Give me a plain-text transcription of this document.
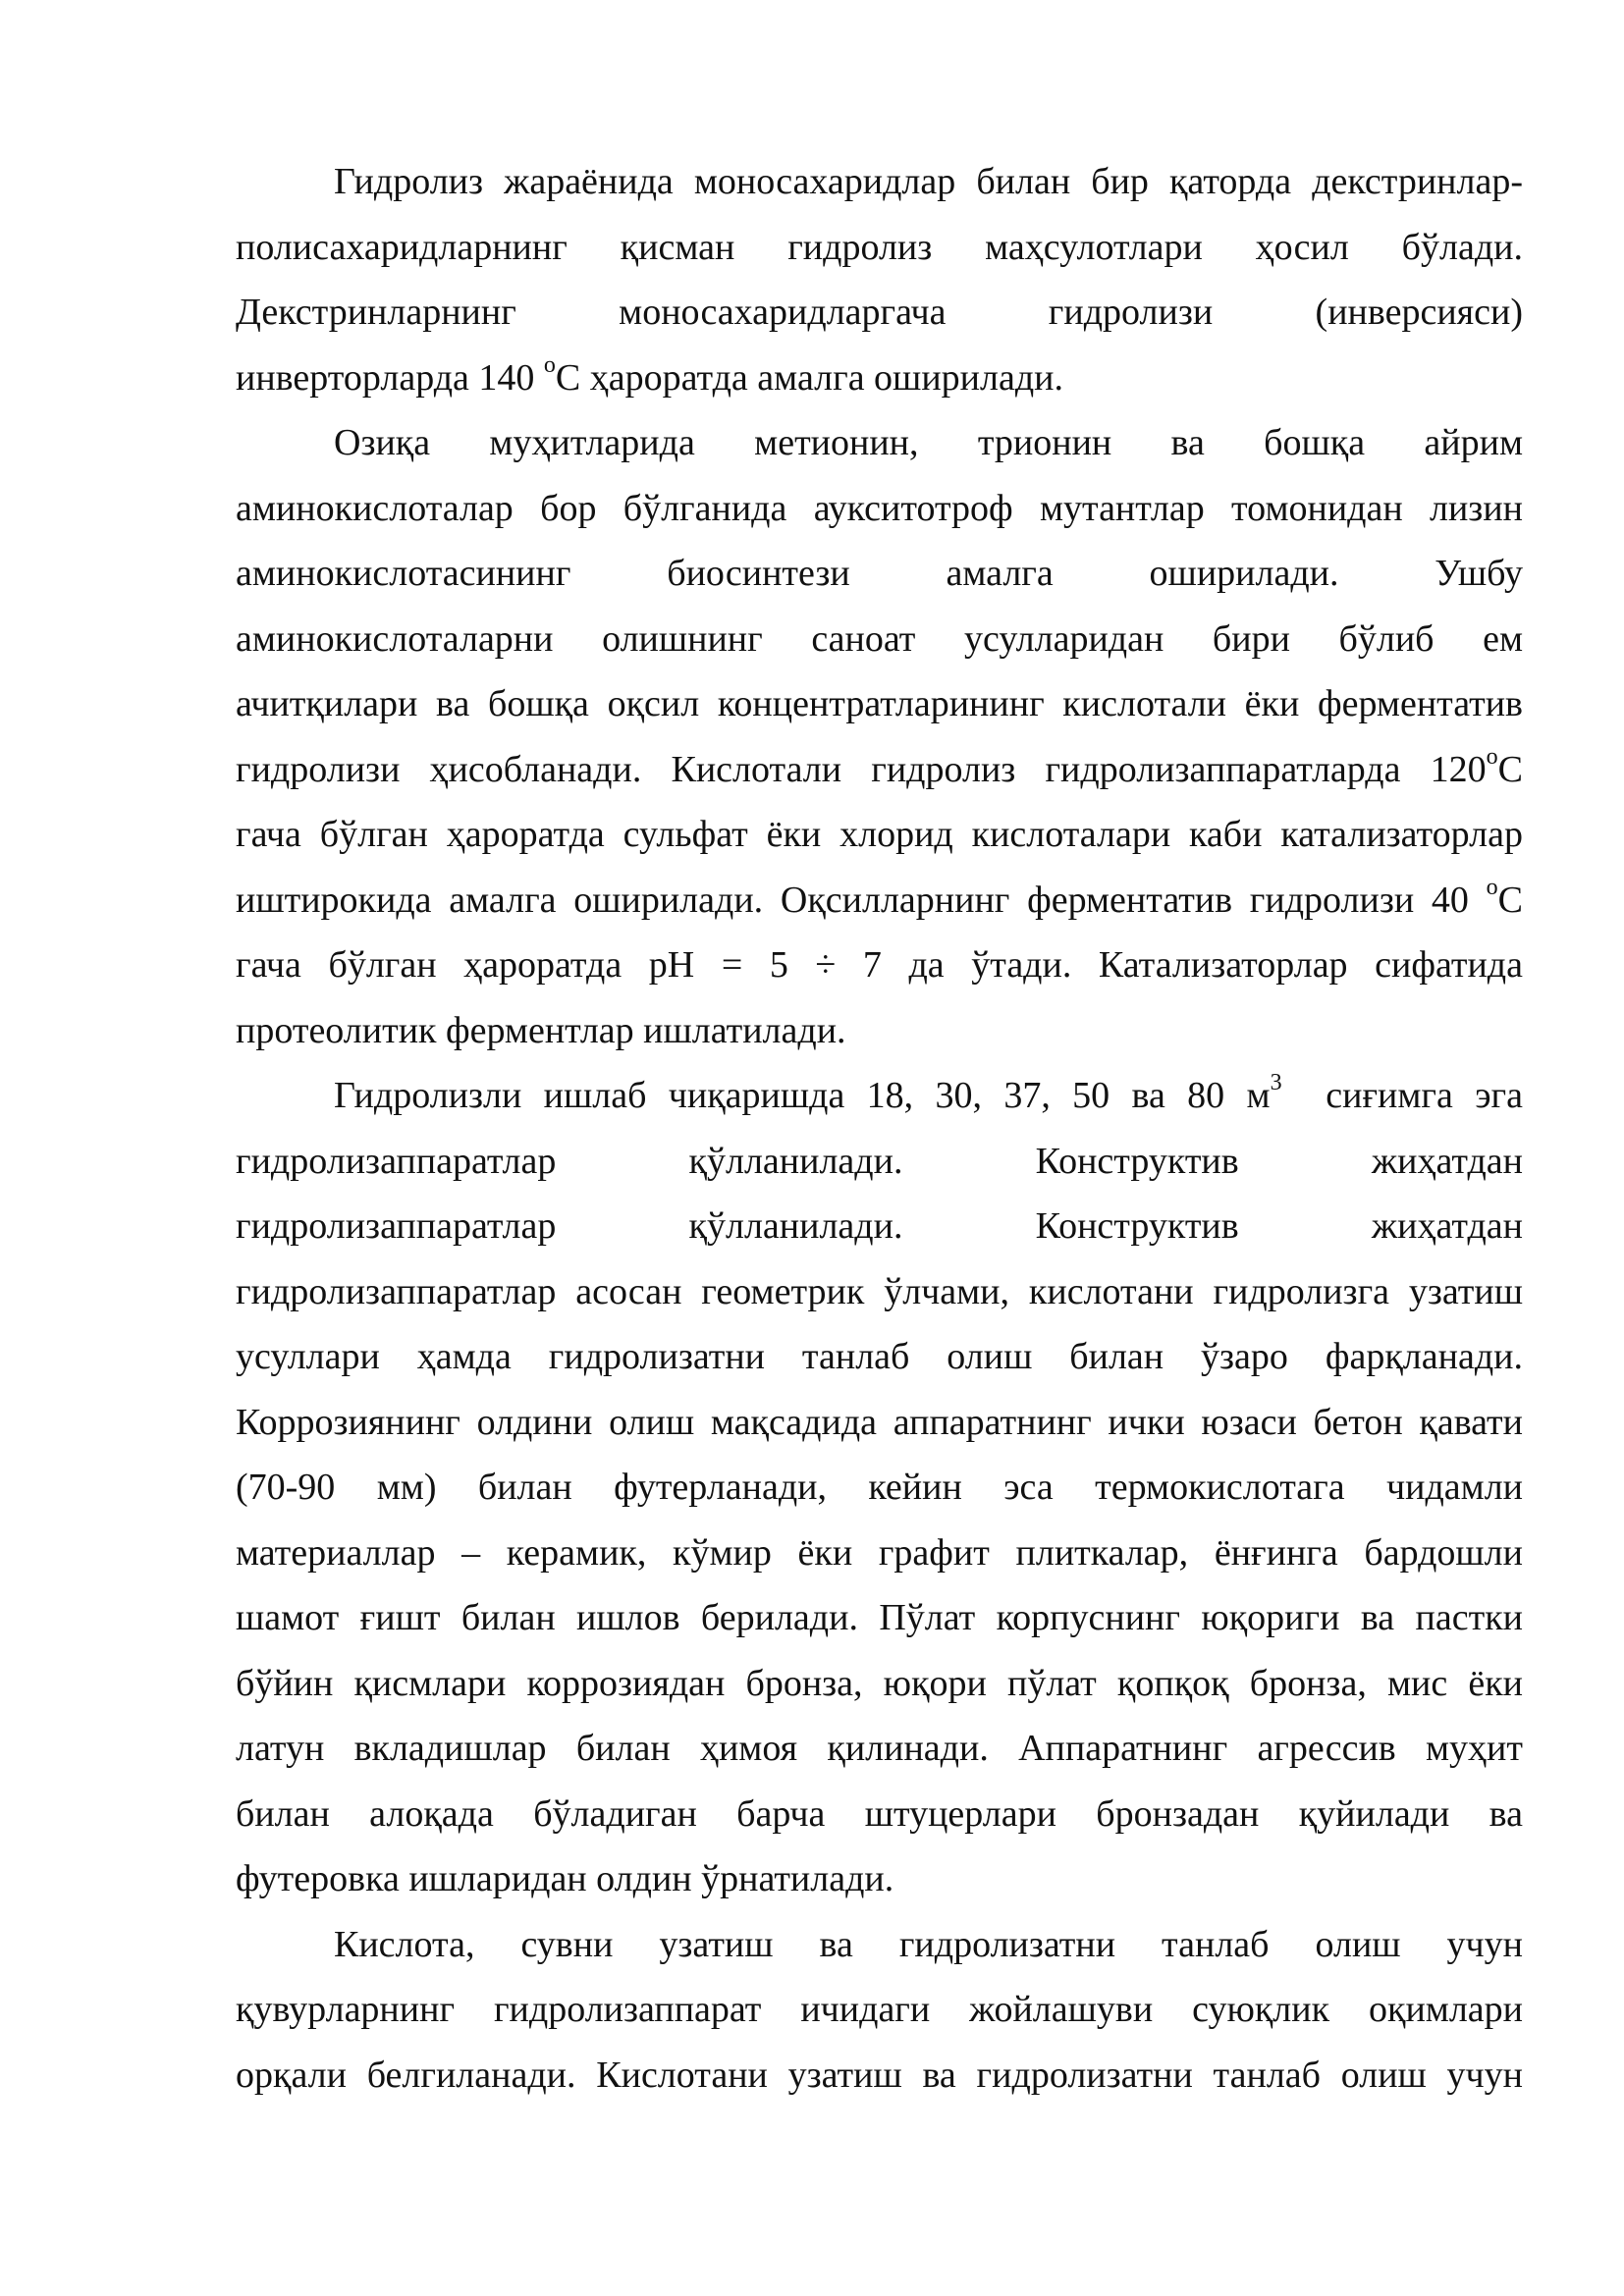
Гидролиз жараёнида моносахаридлар билан бир қаторда декстринлар-
полисахаридларнинг қисман гидролиз маҳсулотлари ҳосил бўлади.
Декстринларнинг моносахаридларгача гидролизи (инверсияси)
инверторларда 140 $^о$С ҳароратда амалга оширилади.
Озиқа муҳитларида метионин, трионин ва бошқа айрим
аминокислоталар бор бўлганида аукситотроф мутантлар томонидан лизин
аминокислотасининг биосинтези амалга оширилади. Ушбу
аминокислоталарни олишнинг саноат усулларидан бири бўлиб ем
ачитқилари ва бошқа оқсил концентратларининг кислотали ёки ферментатив
гидролизи ҳисобланади. Кислотали гидролиз гидролизаппаратларда $120^оС$
гача бўлган ҳароратда сульфат ёки хлорид кислоталари каби катализаторлар
иштирокида амалга оширилади. Оқсилларнинг ферментатив гидролизи 40 $^о$С
гача бўлган ҳароратда рН = 5 ÷ 7 да ўтади. Катализаторлар сифатида
протеолитик ферментлар ишлатилади.
Гидролизли ишлаб чиқаришда 18, 30, 37, 50 ва 80 $м^3$  сиғимга эга
гидролизаппаратлар қўлланилади. Конструктив жиҳатдан
гидролизаппаратлар қўлланилади. Конструктив жиҳатдан
гидролизаппаратлар асосан геометрик ўлчами, кислотани гидролизга узатиш
усуллари ҳамда гидролизатни танлаб олиш билан ўзаро фарқланади.
Коррозиянинг олдини олиш мақсадида аппаратнинг ички юзаси бетон қавати
(70-90 мм) билан футерланади, кейин эса термокислотага чидамли
материаллар – керамик, кўмир ёки графит плиткалар, ёнғинга бардошли
шамот ғишт билан ишлов берилади. Пўлат корпуснинг юқориги ва пастки
бўйин қисмлари коррозиядан бронза, юқори пўлат қопқоқ бронза, мис ёки
латун вкладишлар билан ҳимоя қилинади. Аппаратнинг агрессив муҳит
билан алоқада бўладиган барча штуцерлари бронзадан қуйилади ва
футеровка ишларидан олдин ўрнатилади.
Кислота, сувни узатиш ва гидролизатни танлаб олиш учун
қувурларнинг гидролизаппарат ичидаги жойлашуви суюқлик оқимлари
орқали белгиланади. Кислотани узатиш ва гидролизатни танлаб олиш учун
